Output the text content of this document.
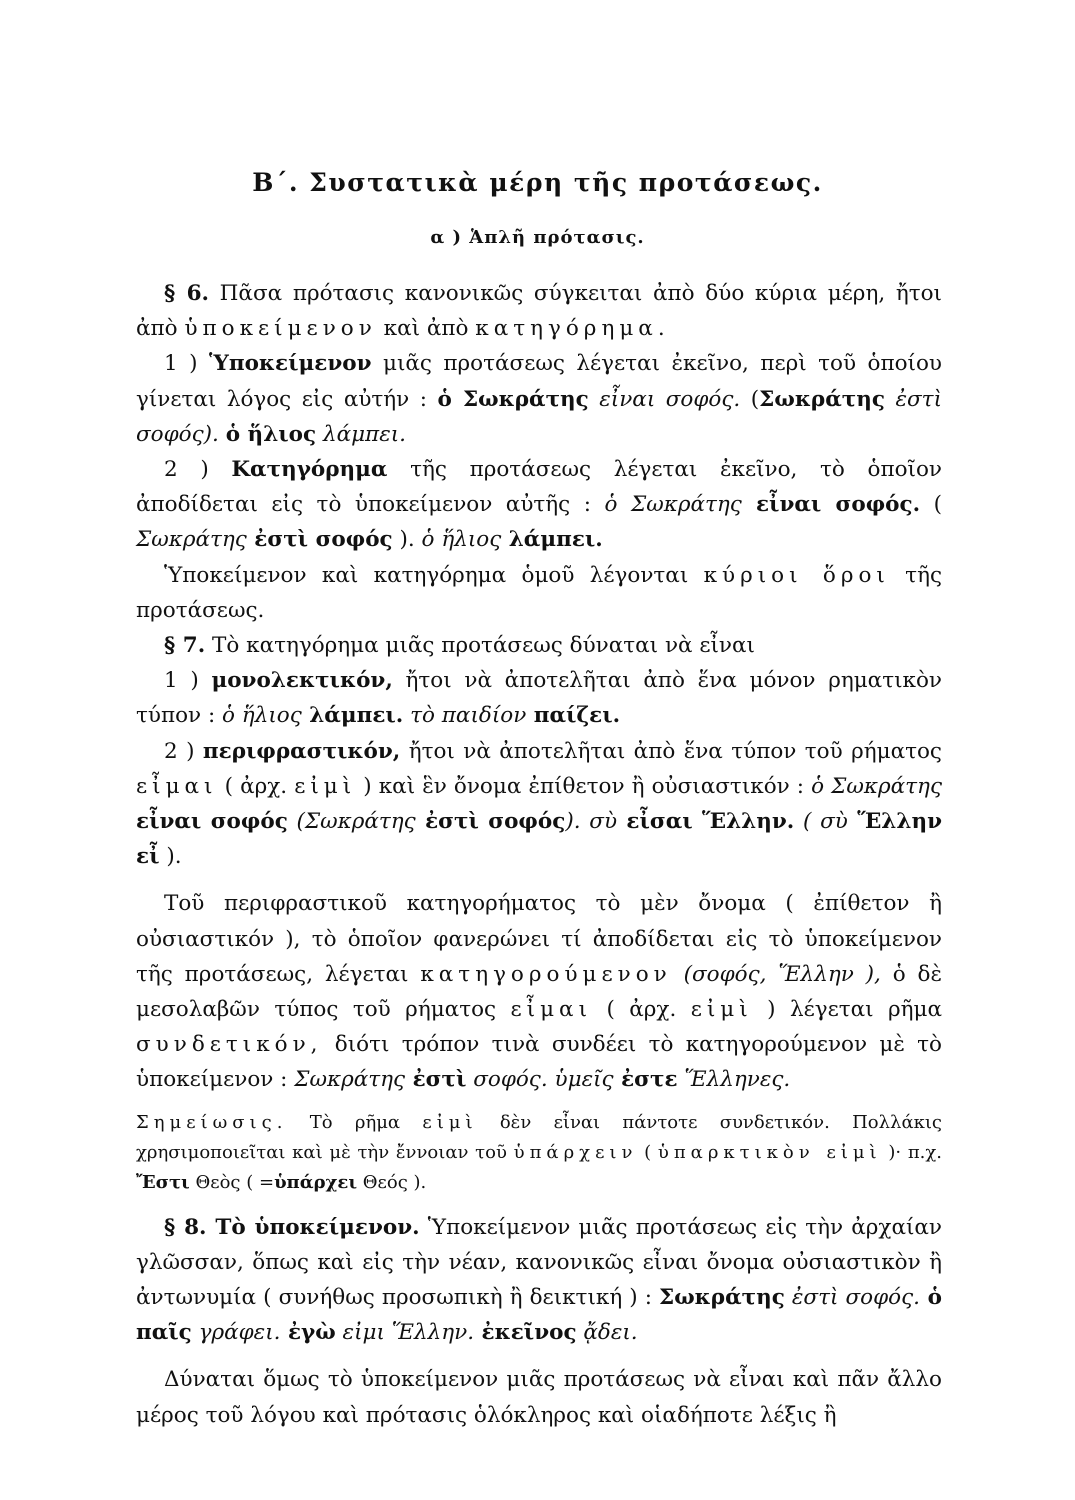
Β΄. Συστατικὰ μέρη τῆς προτάσεως.
α ) Ἁπλῆ πρότασις.

§ 6. Πᾶσα πρότασις κανονικῶς σύγκειται ἀπὸ δύο κύρια μέρη, ἤτοι ἀπὸ ὑποκείμενον καὶ ἀπὸ κατηγόρημα.

1 ) Ὑποκείμενον μιᾶς προτάσεως λέγεται ἐκεῖνο, περὶ τοῦ ὁποίου γίνεται λόγος εἰς αὐτήν : ὁ Σωκράτης εἶναι σοφός. (Σωκράτης ἐστὶ σοφός). ὁ ἥλιος λάμπει.

2 ) Κατηγόρημα τῆς προτάσεως λέγεται ἐκεῖνο, τὸ ὁποῖον ἀποδίδεται εἰς τὸ ὑποκείμενον αὐτῆς : ὁ Σωκράτης εἶναι σοφός. ( Σωκράτης ἐστὶ σοφός ). ὁ ἥλιος λάμπει.

Ὑποκείμενον καὶ κατηγόρημα ὁμοῦ λέγονται κύριοι ὅροι τῆς προτάσεως.

§ 7. Τὸ κατηγόρημα μιᾶς προτάσεως δύναται νὰ εἶναι

1 ) μονολεκτικόν, ἤτοι νὰ ἀποτελῆται ἀπὸ ἕνα μόνον ρηματικὸν τύπον : ὁ ἥλιος λάμπει. τὸ παιδίον παίζει.

2 ) περιφραστικόν, ἤτοι νὰ ἀποτελῆται ἀπὸ ἕνα τύπον τοῦ ρήματος εἶμαι ( ἀρχ. εἰμὶ ) καὶ ἓν ὄνομα ἐπίθετον ἢ οὐσιαστικόν : ὁ Σωκράτης εἶναι σοφός (Σωκράτης ἐστὶ σοφός). σὺ εἶσαι Ἕλλην. ( σὺ Ἕλλην εἶ ).

Τοῦ περιφραστικοῦ κατηγορήματος τὸ μὲν ὄνομα ( ἐπίθετον ἢ οὐσιαστικόν ), τὸ ὁποῖον φανερώνει τί ἀποδίδεται εἰς τὸ ὑποκείμενον τῆς προτάσεως, λέγεται κατηγορούμενον (σοφός, Ἕλλην ), ὁ δὲ μεσολαβῶν τύπος τοῦ ρήματος εἶμαι ( ἀρχ. εἰμὶ ) λέγεται ρῆμα συνδετικόν, διότι τρόπον τινὰ συνδέει τὸ κατηγορούμενον μὲ τὸ ὑποκείμενον : Σωκράτης ἐστὶ σοφός. ὑμεῖς ἐστε Ἕλληνες.

Σημείωσις. Τὸ ρῆμα εἰμὶ δὲν εἶναι πάντοτε συνδετικόν. Πολλάκις χρησιμοποιεῖται καὶ μὲ τὴν ἔννοιαν τοῦ ὑπάρχειν ( ὑπαρκτικὸν εἰμὶ )· π.χ. Ἔστι Θεὸς ( =ὑπάρχει Θεός ).

§ 8. Τὸ ὑποκείμενον. Ὑποκείμενον μιᾶς προτάσεως εἰς τὴν ἀρχαίαν γλῶσσαν, ὅπως καὶ εἰς τὴν νέαν, κανονικῶς εἶναι ὄνομα οὐσιαστικὸν ἢ ἀντωνυμία ( συνήθως προσωπικὴ ἢ δεικτική ) : Σωκράτης ἐστὶ σοφός. ὁ παῖς γράφει. ἐγὼ εἰμι Ἕλλην. ἐκεῖνος ᾄδει.

Δύναται ὅμως τὸ ὑποκείμενον μιᾶς προτάσεως νὰ εἶναι καὶ πᾶν ἄλλο μέρος τοῦ λόγου καὶ πρότασις ὁλόκληρος καὶ οἱαδήποτε λέξις ἢ
